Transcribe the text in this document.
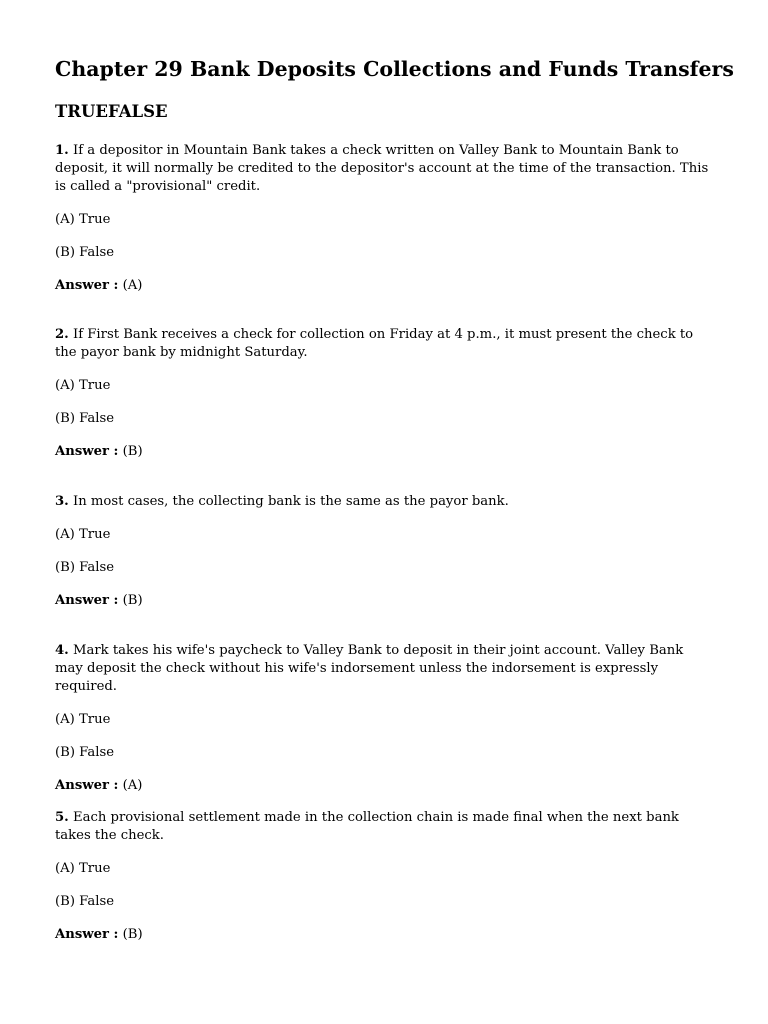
Chapter 29 Bank Deposits Collections and Funds Transfers
TRUEFALSE

1. If a depositor in Mountain Bank takes a check written on Valley Bank to Mountain Bank to deposit, it will normally be credited to the depositor's account at the time of the transaction. This is called a "provisional" credit.

(A) True

(B) False

Answer : (A)

2. If First Bank receives a check for collection on Friday at 4 p.m., it must present the check to the payor bank by midnight Saturday.

(A) True

(B) False

Answer : (B)

3. In most cases, the collecting bank is the same as the payor bank.

(A) True

(B) False

Answer : (B)

4. Mark takes his wife's paycheck to Valley Bank to deposit in their joint account. Valley Bank may deposit the check without his wife's indorsement unless the indorsement is expressly required.

(A) True

(B) False

Answer : (A)

5. Each provisional settlement made in the collection chain is made final when the next bank takes the check.

(A) True

(B) False

Answer : (B)
